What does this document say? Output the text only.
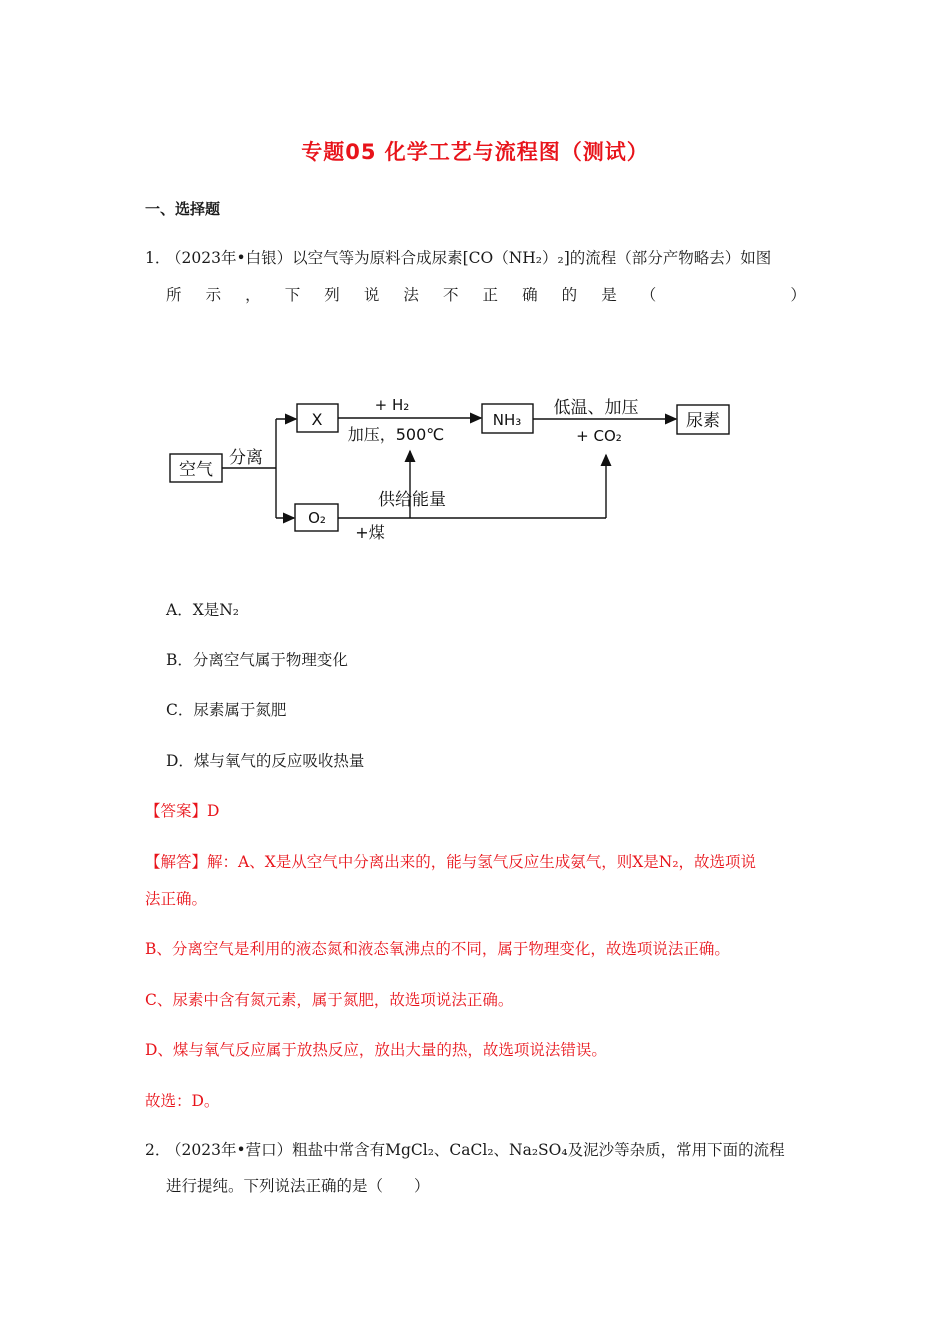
专题05 化学工艺与流程图（测试）
一、选择题
1．
（2023年•白银）以空气等为原料合成尿素[CO（NH₂）₂]的流程（部分产物略去）如图
所 示 ， 下 列 说 法 不 正 确 的 是 （	）
空气
分离
X
O₂
+ H₂
加压，500℃
NH₃
低温、加压
+ CO₂
尿素
供给能量
+煤
A．X是N₂
B．分离空气属于物理变化
C．尿素属于氮肥
D．煤与氧气的反应吸收热量
【答案】D
【解答】解：A、X是从空气中分离出来的，能与氢气反应生成氨气，则X是N₂，故选项说
法正确。
B、分离空气是利用的液态氮和液态氧沸点的不同，属于物理变化，故选项说法正确。
C、尿素中含有氮元素，属于氮肥，故选项说法正确。
D、煤与氧气反应属于放热反应，放出大量的热，故选项说法错误。
故选：D。
2．
（2023年•营口）粗盐中常含有MgCl₂、CaCl₂、Na₂SO₄及泥沙等杂质，常用下面的流程
进行提纯。下列说法正确的是（　　）
